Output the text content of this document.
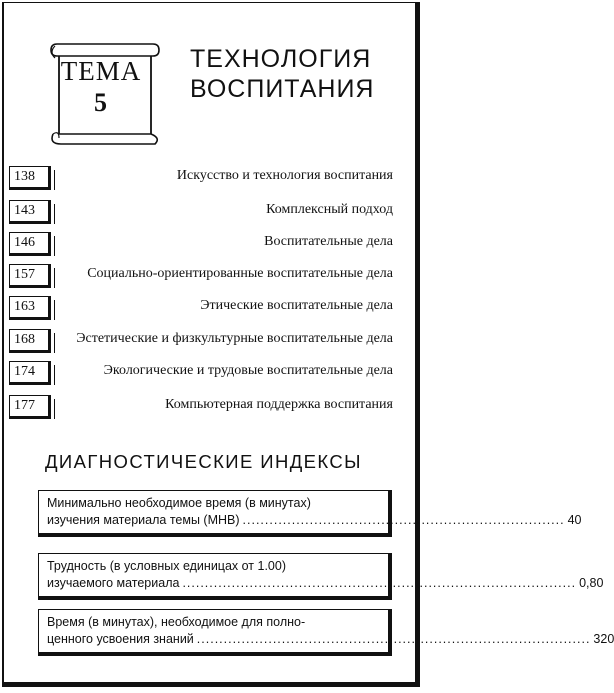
ТЕМА
5
ТЕХНОЛОГИЯ
ВОСПИТАНИЯ
138	Искусство и технология воспитания
143	Комплексный подход
146	Воспитательные дела
157	Социально-ориентированные воспитательные дела
163	Этические воспитательные дела
168	Эстетические и физкультурные воспитательные дела
174	Экологические и трудовые воспитательные дела
177	Компьютерная поддержка воспитания
ДИАГНОСТИЧЕСКИЕ ИНДЕКСЫ
Минимально необходимое время (в минутах)
изучения материала темы (МНВ) ........................................................................ 40
Трудность (в условных единицах от 1.00)
изучаемого материала ........................................................................................ 0,80
Время (в минутах), необходимое для полно-
ценного усвоения знаний ........................................................................................ 320
